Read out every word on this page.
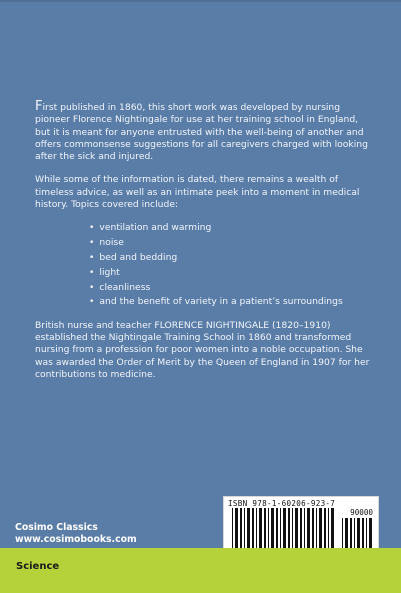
First published in 1860, this short work was developed by nursing pioneer Florence Nightingale for use at her training school in England, but it is meant for anyone entrusted with the well-being of another and offers commonsense suggestions for all caregivers charged with looking after the sick and injured.

While some of the information is dated, there remains a wealth of timeless advice, as well as an intimate peek into a moment in medical history. Topics covered include:

• ventilation and warming
• noise
• bed and bedding
• light
• cleanliness
• and the benefit of variety in a patient’s surroundings

British nurse and teacher FLORENCE NIGHTINGALE (1820–1910) established the Nightingale Training School in 1860 and transformed nursing from a profession for poor women into a noble occupation. She was awarded the Order of Merit by the Queen of England in 1907 for her contributions to medicine.

ISBN 978-1-60206-923-7
90000
Cosimo Classics
www.cosimobooks.com
Science
